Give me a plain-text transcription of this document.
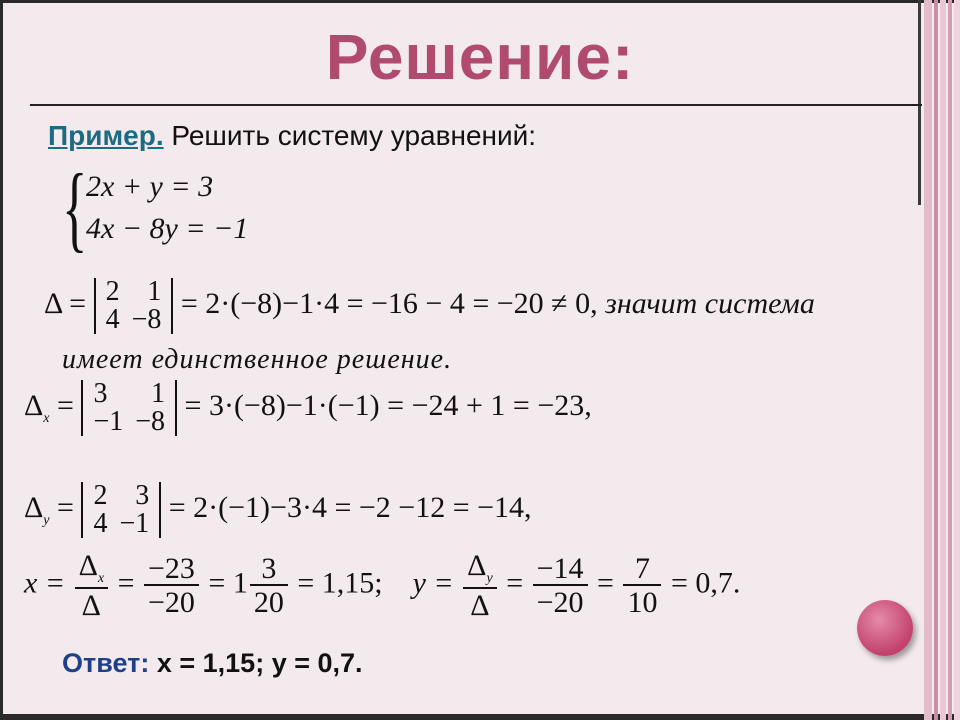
Решение:
Пример. Решить систему уравнений:
{
2x + y = 3
4x − 8y = −1
Δ = 2	1
4	−8 = 2·(−8)−1·4 = −16 − 4 = −20 ≠ 0, значит система
имеет единственное решение.
$\Delta_x = 3$	1
−1	−8 = 3·(−8)−1·(−1) = −24 + 1 = −23,
$\Delta_y = 2$	3
4	−1 = 2·(−1)−3·4 = −2 −12 = −14,
$x = \frac{\Delta_x}{\Delta} = \frac{-23}{-20} = 1 \frac{3}{20} = 1,15$; $y = \frac{\Delta_y}{\Delta} = \frac{-14}{-20} = \frac{7}{10} = 0,7$.
Ответ: x = 1,15; y = 0,7.
